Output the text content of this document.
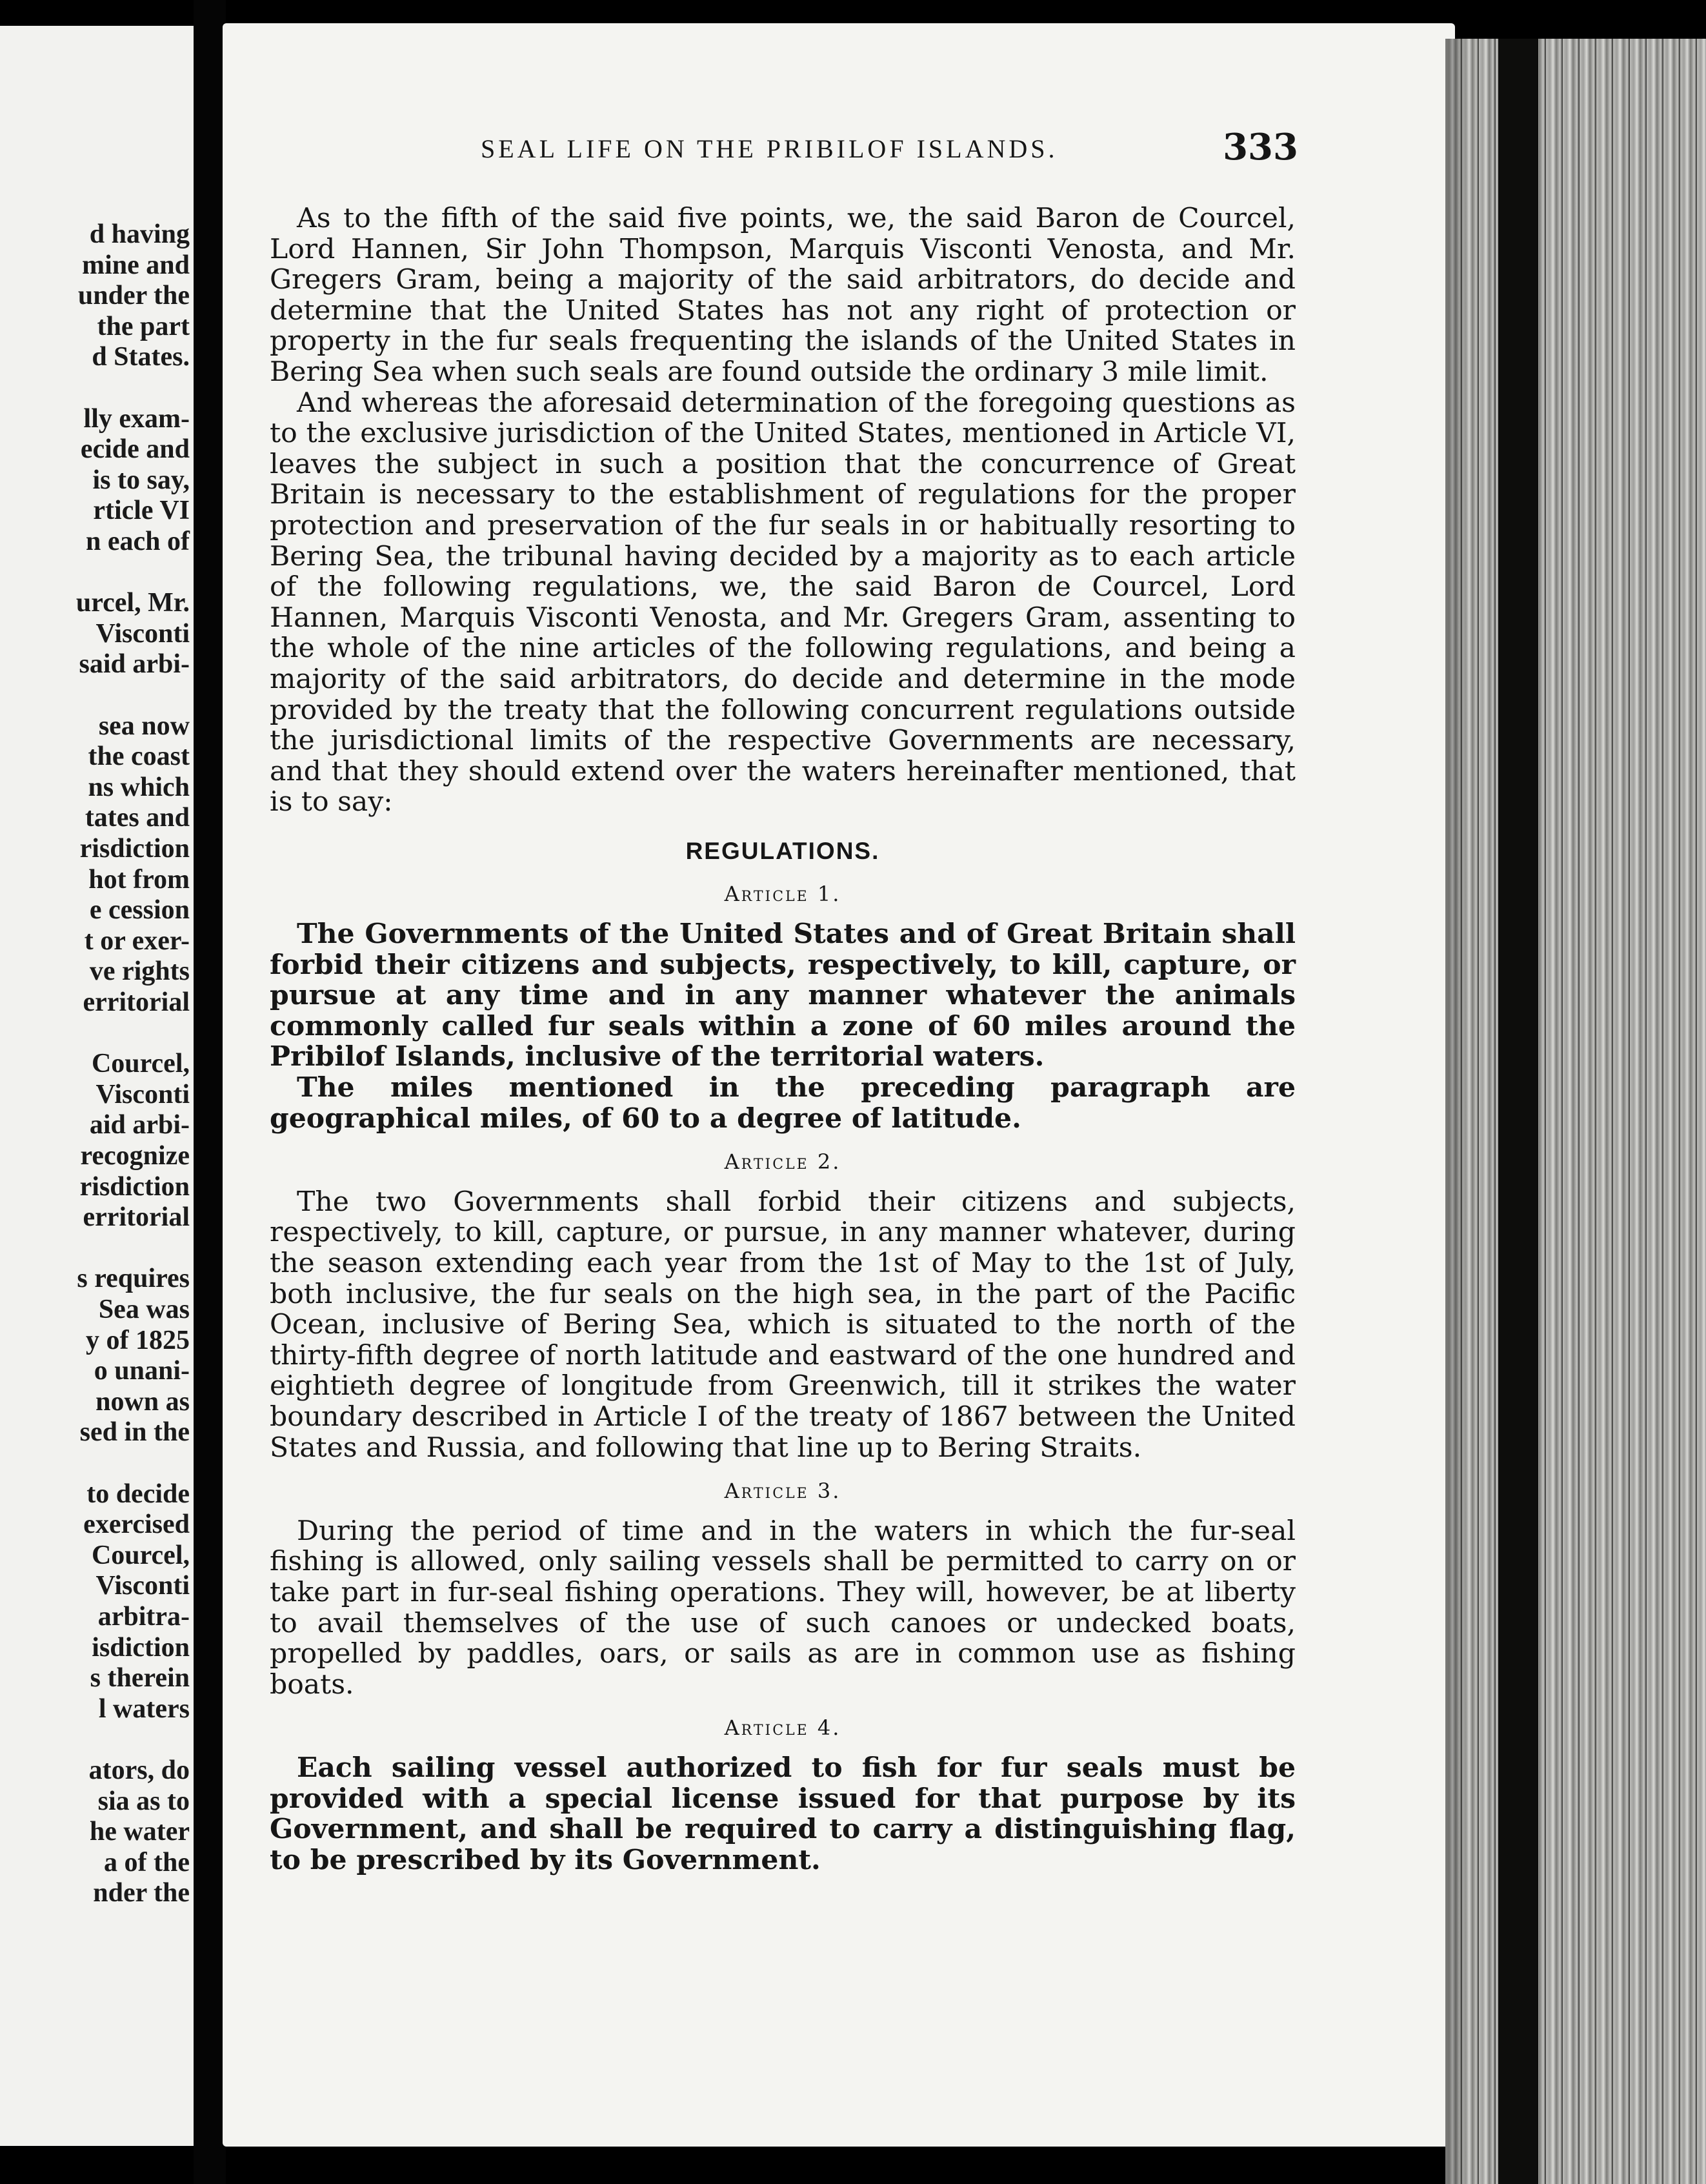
d having
mine and
under the
the part
d States.
lly exam-
ecide and
is to say,
rticle VI
n each of
urcel, Mr.
Visconti
said arbi-
sea now
the coast
ns which
tates and
risdiction
hot from
e cession
t or exer-
ve rights
erritorial
Courcel,
Visconti
aid arbi-
recognize
risdiction
erritorial
s requires
Sea was
y of 1825
o unani-
nown as
sed in the
to decide
exercised
Courcel,
Visconti
arbitra-
isdiction
s therein
l waters
ators, do
sia as to
he water
a of the
nder the
SEAL LIFE ON THE PRIBILOF ISLANDS.	333

As to the fifth of the said five points, we, the said Baron de Courcel, Lord Hannen, Sir John Thompson, Marquis Visconti Venosta, and Mr. Gregers Gram, being a majority of the said arbitrators, do decide and determine that the United States has not any right of protection or property in the fur seals frequenting the islands of the United States in Bering Sea when such seals are found outside the ordinary 3 mile limit.

And whereas the aforesaid determination of the foregoing questions as to the exclusive jurisdiction of the United States, mentioned in Article VI, leaves the subject in such a position that the concurrence of Great Britain is necessary to the establishment of regulations for the proper protection and preservation of the fur seals in or habitually resorting to Bering Sea, the tribunal having decided by a majority as to each article of the following regulations, we, the said Baron de Courcel, Lord Hannen, Marquis Visconti Venosta, and Mr. Gregers Gram, assenting to the whole of the nine articles of the following regulations, and being a majority of the said arbitrators, do decide and determine in the mode provided by the treaty that the following concurrent regulations outside the jurisdictional limits of the respective Governments are necessary, and that they should extend over the waters hereinafter mentioned, that is to say:

REGULATIONS.
Article 1.

The Governments of the United States and of Great Britain shall forbid their citizens and subjects, respectively, to kill, capture, or pursue at any time and in any manner whatever the animals commonly called fur seals within a zone of 60 miles around the Pribilof Islands, inclusive of the territorial waters.

The miles mentioned in the preceding paragraph are geographical miles, of 60 to a degree of latitude.

Article 2.

The two Governments shall forbid their citizens and subjects, respectively, to kill, capture, or pursue, in any manner whatever, during the season extending each year from the 1st of May to the 1st of July, both inclusive, the fur seals on the high sea, in the part of the Pacific Ocean, inclusive of Bering Sea, which is situated to the north of the thirty-fifth degree of north latitude and eastward of the one hundred and eightieth degree of longitude from Greenwich, till it strikes the water boundary described in Article I of the treaty of 1867 between the United States and Russia, and following that line up to Bering Straits.

Article 3.

During the period of time and in the waters in which the fur-seal fishing is allowed, only sailing vessels shall be permitted to carry on or take part in fur-seal fishing operations. They will, however, be at liberty to avail themselves of the use of such canoes or undecked boats, propelled by paddles, oars, or sails as are in common use as fishing boats.

Article 4.

Each sailing vessel authorized to fish for fur seals must be provided with a special license issued for that purpose by its Government, and shall be required to carry a distinguishing flag, to be prescribed by its Government.
